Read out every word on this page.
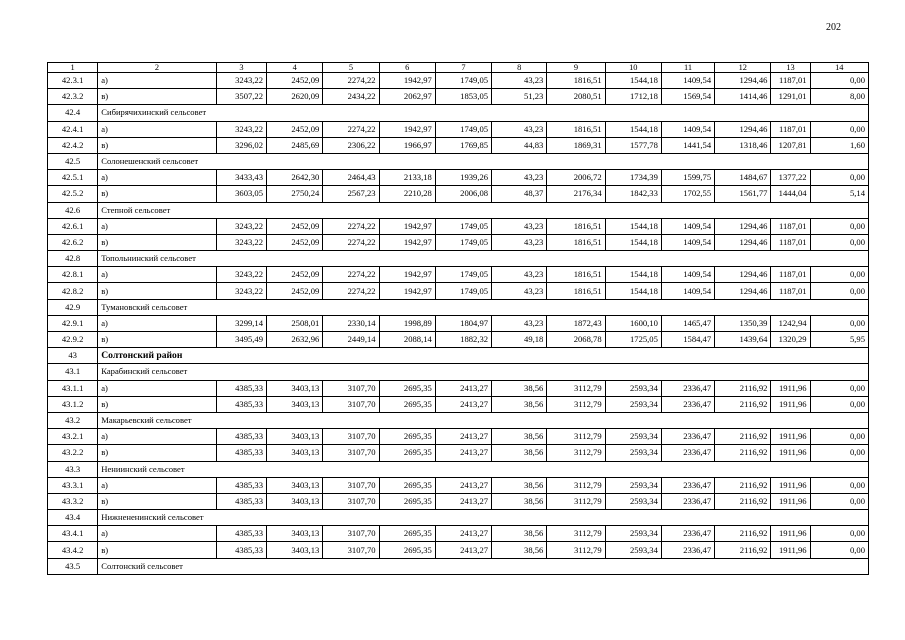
202
1	2	3	4	5	6	7	8	9	10	11	12	13	14
42.3.1	а)	3243,22	2452,09	2274,22	1942,97	1749,05	43,23	1816,51	1544,18	1409,54	1294,46	1187,01	0,00
42.3.2	в)	3507,22	2620,09	2434,22	2062,97	1853,05	51,23	2080,51	1712,18	1569,54	1414,46	1291,01	8,00
42.4	Сибирячихинский сельсовет												
42.4.1	а)	3243,22	2452,09	2274,22	1942,97	1749,05	43,23	1816,51	1544,18	1409,54	1294,46	1187,01	0,00
42.4.2	в)	3296,02	2485,69	2306,22	1966,97	1769,85	44,83	1869,31	1577,78	1441,54	1318,46	1207,81	1,60
42.5	Солонешенский сельсовет												
42.5.1	а)	3433,43	2642,30	2464,43	2133,18	1939,26	43,23	2006,72	1734,39	1599,75	1484,67	1377,22	0,00
42.5.2	в)	3603,05	2750,24	2567,23	2210,28	2006,08	48,37	2176,34	1842,33	1702,55	1561,77	1444,04	5,14
42.6	Степной сельсовет												
42.6.1	а)	3243,22	2452,09	2274,22	1942,97	1749,05	43,23	1816,51	1544,18	1409,54	1294,46	1187,01	0,00
42.6.2	в)	3243,22	2452,09	2274,22	1942,97	1749,05	43,23	1816,51	1544,18	1409,54	1294,46	1187,01	0,00
42.8	Топольнинский сельсовет												
42.8.1	а)	3243,22	2452,09	2274,22	1942,97	1749,05	43,23	1816,51	1544,18	1409,54	1294,46	1187,01	0,00
42.8.2	в)	3243,22	2452,09	2274,22	1942,97	1749,05	43,23	1816,51	1544,18	1409,54	1294,46	1187,01	0,00
42.9	Тумановский сельсовет												
42.9.1	а)	3299,14	2508,01	2330,14	1998,89	1804,97	43,23	1872,43	1600,10	1465,47	1350,39	1242,94	0,00
42.9.2	в)	3495,49	2632,96	2449,14	2088,14	1882,32	49,18	2068,78	1725,05	1584,47	1439,64	1320,29	5,95
43	Солтонский район												
43.1	Карабинский сельсовет												
43.1.1	а)	4385,33	3403,13	3107,70	2695,35	2413,27	38,56	3112,79	2593,34	2336,47	2116,92	1911,96	0,00
43.1.2	в)	4385,33	3403,13	3107,70	2695,35	2413,27	38,56	3112,79	2593,34	2336,47	2116,92	1911,96	0,00
43.2	Макарьевский сельсовет												
43.2.1	а)	4385,33	3403,13	3107,70	2695,35	2413,27	38,56	3112,79	2593,34	2336,47	2116,92	1911,96	0,00
43.2.2	в)	4385,33	3403,13	3107,70	2695,35	2413,27	38,56	3112,79	2593,34	2336,47	2116,92	1911,96	0,00
43.3	Нениинский сельсовет												
43.3.1	а)	4385,33	3403,13	3107,70	2695,35	2413,27	38,56	3112,79	2593,34	2336,47	2116,92	1911,96	0,00
43.3.2	в)	4385,33	3403,13	3107,70	2695,35	2413,27	38,56	3112,79	2593,34	2336,47	2116,92	1911,96	0,00
43.4	Нижнененинский сельсовет												
43.4.1	а)	4385,33	3403,13	3107,70	2695,35	2413,27	38,56	3112,79	2593,34	2336,47	2116,92	1911,96	0,00
43.4.2	в)	4385,33	3403,13	3107,70	2695,35	2413,27	38,56	3112,79	2593,34	2336,47	2116,92	1911,96	0,00
43.5	Солтонский сельсовет												
